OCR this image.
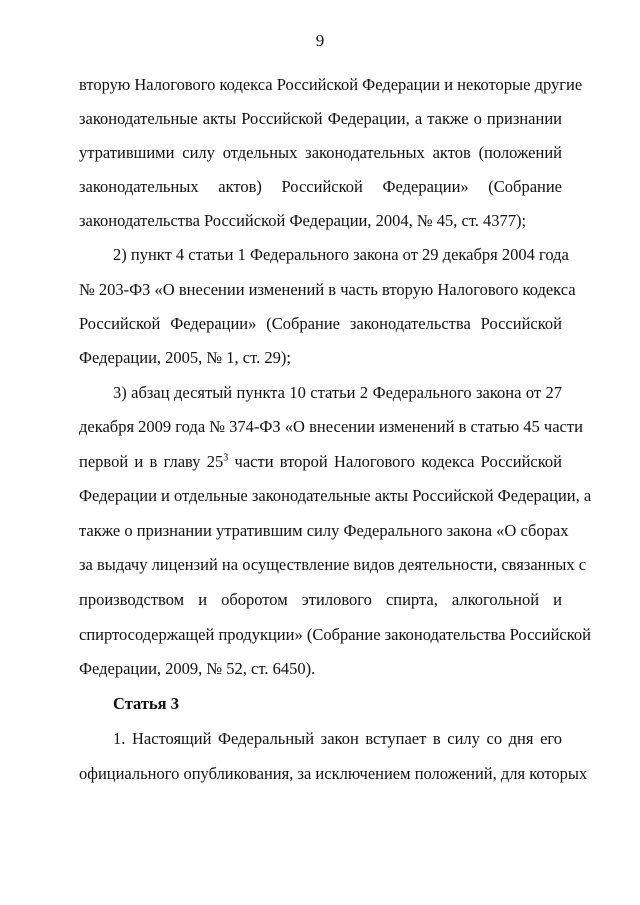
9
вторую Налогового кодекса Российской Федерации и некоторые другие
законодательные акты Российской Федерации, а также о признании
утратившими силу отдельных законодательных актов (положений
законодательных актов) Российской Федерации» (Собрание
законодательства Российской Федерации, 2004, № 45, ст. 4377);
2) пункт 4 статьи 1 Федерального закона от 29 декабря 2004 года
№ 203-ФЗ «О внесении изменений в часть вторую Налогового кодекса
Российской Федерации» (Собрание законодательства Российской
Федерации, 2005, № 1, ст. 29);
3) абзац десятый пункта 10 статьи 2 Федерального закона от 27
декабря 2009 года № 374-ФЗ «О внесении изменений в статью 45 части
первой и в главу $25^3$ части второй Налогового кодекса Российской
Федерации и отдельные законодательные акты Российской Федерации, а
также о признании утратившим силу Федерального закона «О сборах
за выдачу лицензий на осуществление видов деятельности, связанных с
производством и оборотом этилового спирта, алкогольной и
спиртосодержащей продукции» (Собрание законодательства Российской
Федерации, 2009, № 52, ст. 6450).
Статья 3
1. Настоящий Федеральный закон вступает в силу со дня его
официального опубликования, за исключением положений, для которых
